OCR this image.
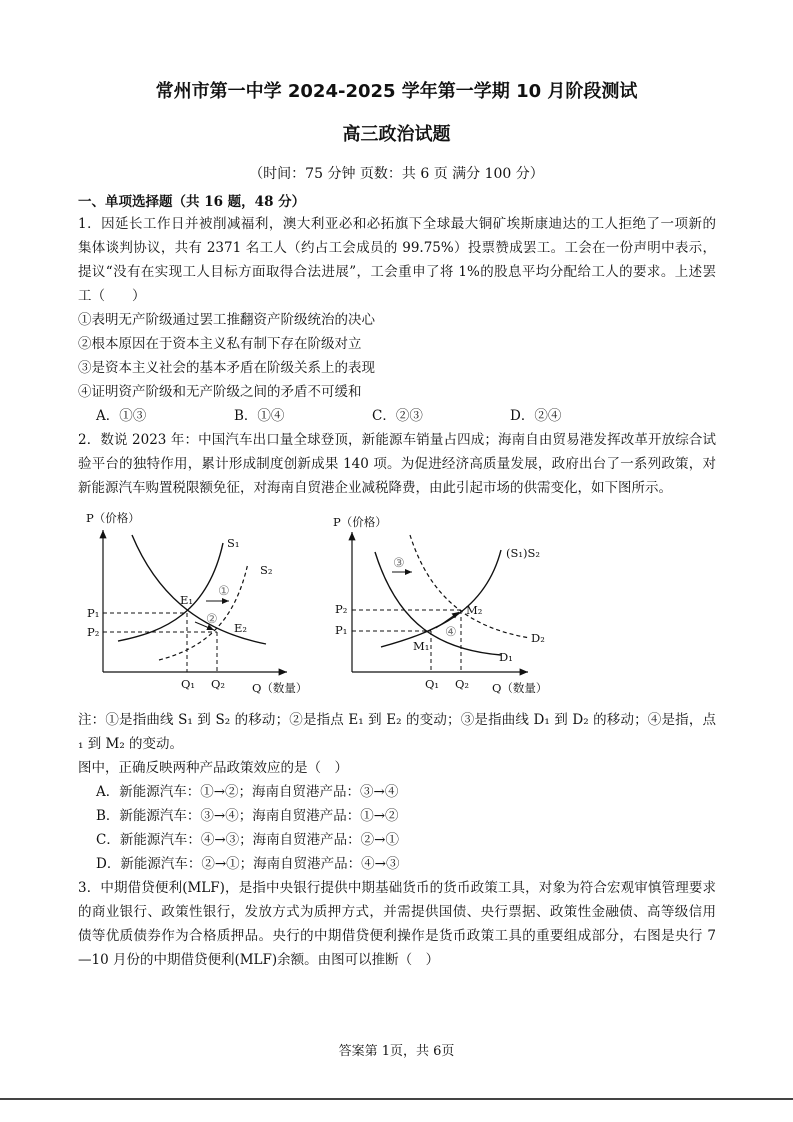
常州市第一中学 2024-2025 学年第一学期 10 月阶段测试
高三政治试题
（时间：75 分钟 页数：共 6 页 满分 100 分）
一、单项选择题（共 16 题，48 分）
1．因延长工作日并被削减福利，澳大利亚必和必拓旗下全球最大铜矿埃斯康迪达的工人拒绝了一项新的
集体谈判协议，共有 2371 名工人（约占工会成员的 99.75%）投票赞成罢工。工会在一份声明中表示，
提议“没有在实现工人目标方面取得合法进展”，工会重申了将 1%的股息平均分配给工人的要求。上述罢
工（　　）
①表明无产阶级通过罢工推翻资产阶级统治的决心
②根本原因在于资本主义私有制下存在阶级对立
③是资本主义社会的基本矛盾在阶级关系上的表现
④证明资产阶级和无产阶级之间的矛盾不可缓和
A．①③	B．①④	C．②③	D．②④
2．数说 2023 年：中国汽车出口量全球登顶，新能源车销量占四成；海南自由贸易港发挥改革开放综合试
验平台的独特作用，累计形成制度创新成果 140 项。为促进经济高质量发展，政府出台了一系列政策，对
新能源汽车购置税限额免征，对海南自贸港企业减税降费，由此引起市场的供需变化，如下图所示。
P（价格）
Q（数量）
S₁
S₂
E₁
E₂
P₁
P₂
Q₁ Q₂
①
②
P（价格）
Q（数量）
(S₁)S₂
D₂
D₁
M₂
M₁
P₂
P₁
Q₁ Q₂
③
④
注：①是指曲线 S₁ 到 S₂ 的移动；②是指点 E₁ 到 E₂ 的变动；③是指曲线 D₁ 到 D₂ 的移动；④是指，点
₁ 到 M₂ 的变动。
图中，正确反映两种产品政策效应的是（　）
A．新能源汽车：①→②；海南自贸港产品：③→④
B．新能源汽车：③→④；海南自贸港产品：①→②
C．新能源汽车：④→③；海南自贸港产品：②→①
D．新能源汽车：②→①；海南自贸港产品：④→③
3．中期借贷便利(MLF)，是指中央银行提供中期基础货币的货币政策工具，对象为符合宏观审慎管理要求
的商业银行、政策性银行，发放方式为质押方式，并需提供国债、央行票据、政策性金融债、高等级信用
债等优质债券作为合格质押品。央行的中期借贷便利操作是货币政策工具的重要组成部分，右图是央行 7
—10 月份的中期借贷便利(MLF)余额。由图可以推断（　）
答案第 1页，共 6页
